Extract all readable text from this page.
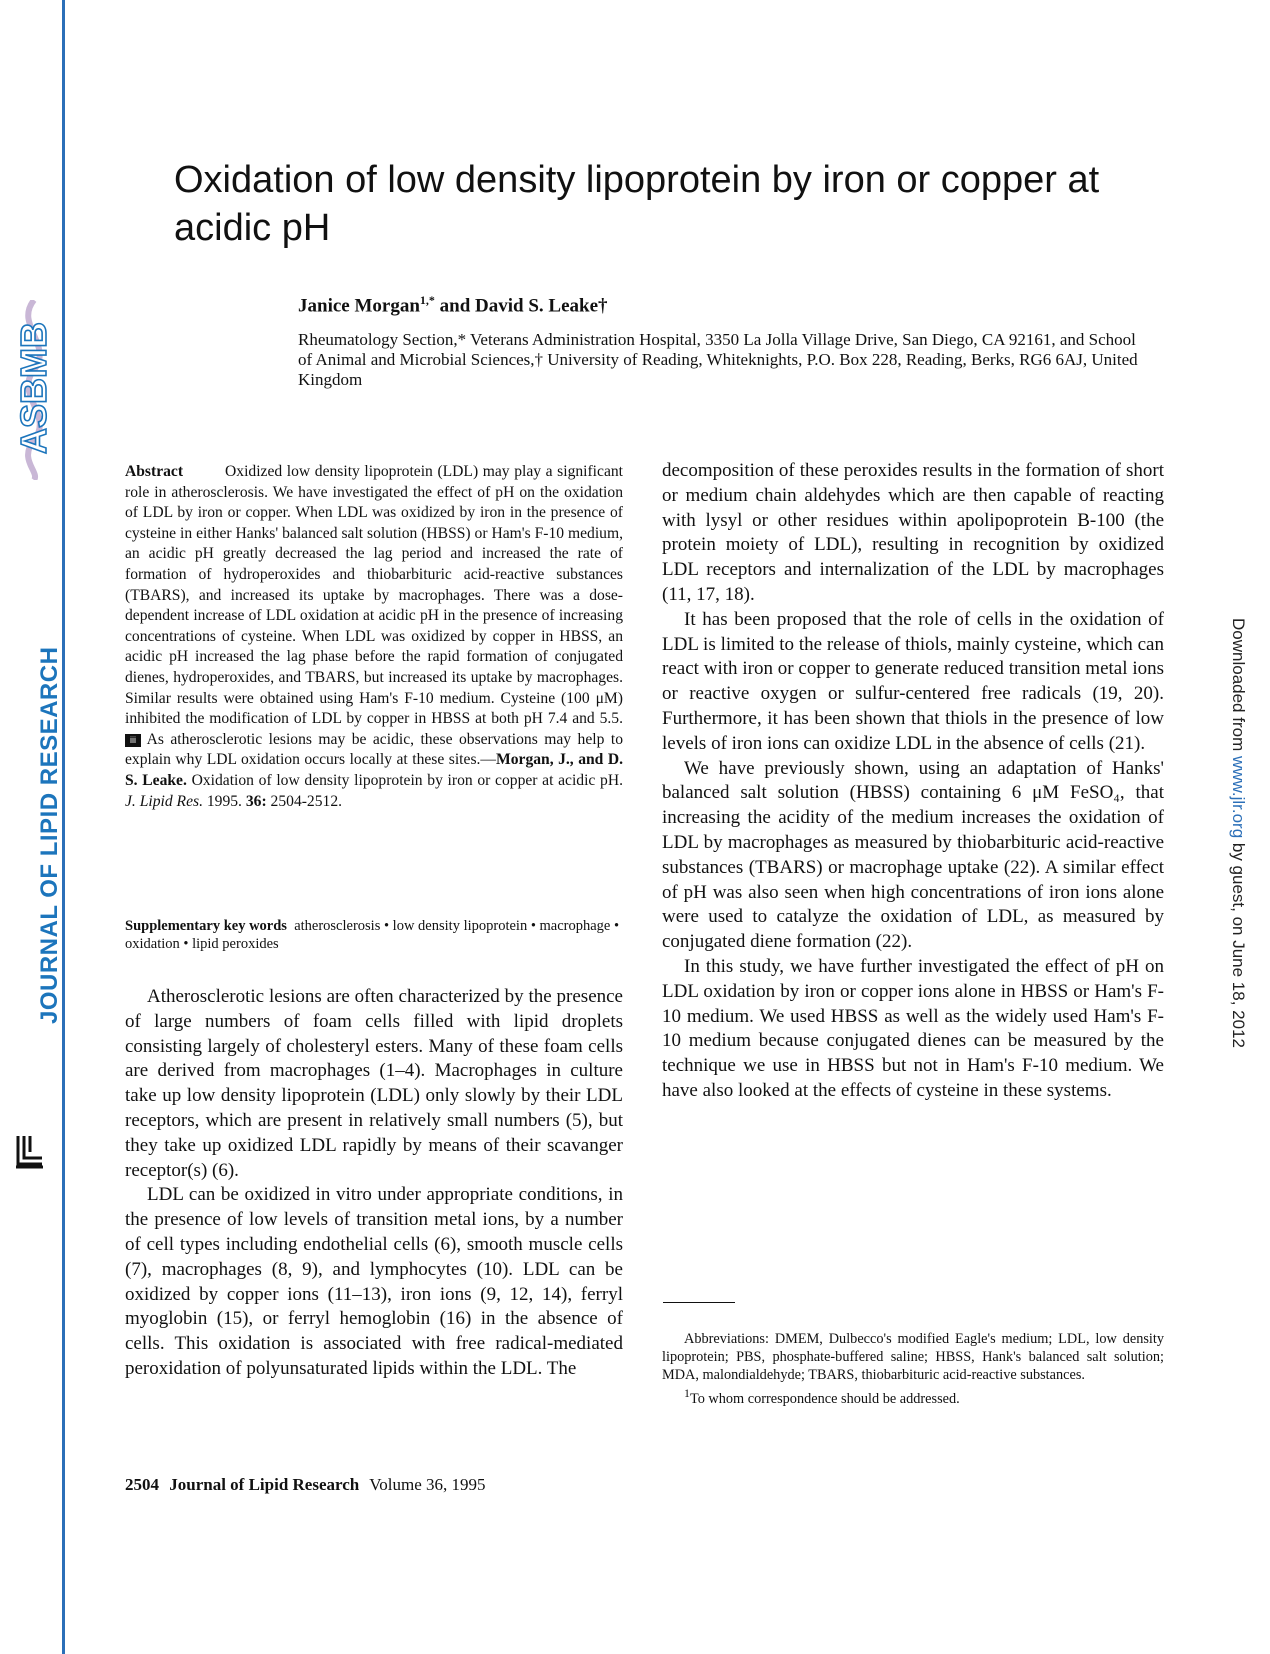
ASBMB
JOURNAL OF LIPID RESEARCH	Downloaded from www.jlr.org by guest, on June 18, 2012
Oxidation of low density lipoprotein by iron or copper at acidic pH
Janice Morgan$^{1,*}$ and David S. Leake†
Rheumatology Section,* Veterans Administration Hospital, 3350 La Jolla Village Drive, San Diego, CA 92161, and School of Animal and Microbial Sciences,† University of Reading, Whiteknights, P.O. Box 228, Reading, Berks, RG6 6AJ, United Kingdom

Abstract	Oxidized low density lipoprotein (LDL) may play a significant role in atherosclerosis. We have investigated the effect of pH on the oxidation of LDL by iron or copper. When LDL was oxidized by iron in the presence of cysteine in either Hanks' balanced salt solution (HBSS) or Ham's F-10 medium, an acidic pH greatly decreased the lag period and increased the rate of formation of hydroperoxides and thiobarbituric acid-reactive substances (TBARS), and increased its uptake by macrophages. There was a dose-dependent increase of LDL oxidation at acidic pH in the presence of increasing concentrations of cysteine. When LDL was oxidized by copper in HBSS, an acidic pH increased the lag phase before the rapid formation of conjugated dienes, hydroperoxides, and TBARS, but increased its uptake by macrophages. Similar results were obtained using Ham's F-10 medium. Cysteine (100 μM) inhibited the modification of LDL by copper in HBSS at both pH 7.4 and 5.5.iii As atherosclerotic lesions may be acidic, these observations may help to explain why LDL oxidation occurs locally at these sites.—Morgan, J., and D. S. Leake. Oxidation of low density lipoprotein by iron or copper at acidic pH. J. Lipid Res. 1995. 36: 2504-2512.

Supplementary key words atherosclerosis • low density lipoprotein • macrophage • oxidation • lipid peroxides

Atherosclerotic lesions are often characterized by the presence of large numbers of foam cells filled with lipid droplets consisting largely of cholesteryl esters. Many of these foam cells are derived from macrophages (1–4). Macrophages in culture take up low density lipoprotein (LDL) only slowly by their LDL receptors, which are present in relatively small numbers (5), but they take up oxidized LDL rapidly by means of their scavanger receptor(s) (6).

LDL can be oxidized in vitro under appropriate conditions, in the presence of low levels of transition metal ions, by a number of cell types including endothelial cells (6), smooth muscle cells (7), macrophages (8, 9), and lymphocytes (10). LDL can be oxidized by copper ions (11–13), iron ions (9, 12, 14), ferryl myoglobin (15), or ferryl hemoglobin (16) in the absence of cells. This oxidation is associated with free radical-mediated peroxidation of polyunsaturated lipids within the LDL. The

decomposition of these peroxides results in the formation of short or medium chain aldehydes which are then capable of reacting with lysyl or other residues within apolipoprotein B-100 (the protein moiety of LDL), resulting in recognition by oxidized LDL receptors and internalization of the LDL by macrophages (11, 17, 18).

It has been proposed that the role of cells in the oxidation of LDL is limited to the release of thiols, mainly cysteine, which can react with iron or copper to generate reduced transition metal ions or reactive oxygen or sulfur-centered free radicals (19, 20). Furthermore, it has been shown that thiols in the presence of low levels of iron ions can oxidize LDL in the absence of cells (21).

We have previously shown, using an adaptation of Hanks' balanced salt solution (HBSS) containing 6 μM FeSO₄, that increasing the acidity of the medium increases the oxidation of LDL by macrophages as measured by thiobarbituric acid-reactive substances (TBARS) or macrophage uptake (22). A similar effect of pH was also seen when high concentrations of iron ions alone were used to catalyze the oxidation of LDL, as measured by conjugated diene formation (22).

In this study, we have further investigated the effect of pH on LDL oxidation by iron or copper ions alone in HBSS or Ham's F-10 medium. We used HBSS as well as the widely used Ham's F-10 medium because conjugated dienes can be measured by the technique we use in HBSS but not in Ham's F-10 medium. We have also looked at the effects of cysteine in these systems.

Abbreviations: DMEM, Dulbecco's modified Eagle's medium; LDL, low density lipoprotein; PBS, phosphate-buffered saline; HBSS, Hank's balanced salt solution; MDA, malondialdehyde; TBARS, thiobarbituric acid-reactive substances.

$^1$To whom correspondence should be addressed.

2504 Journal of Lipid Research Volume 36, 1995
